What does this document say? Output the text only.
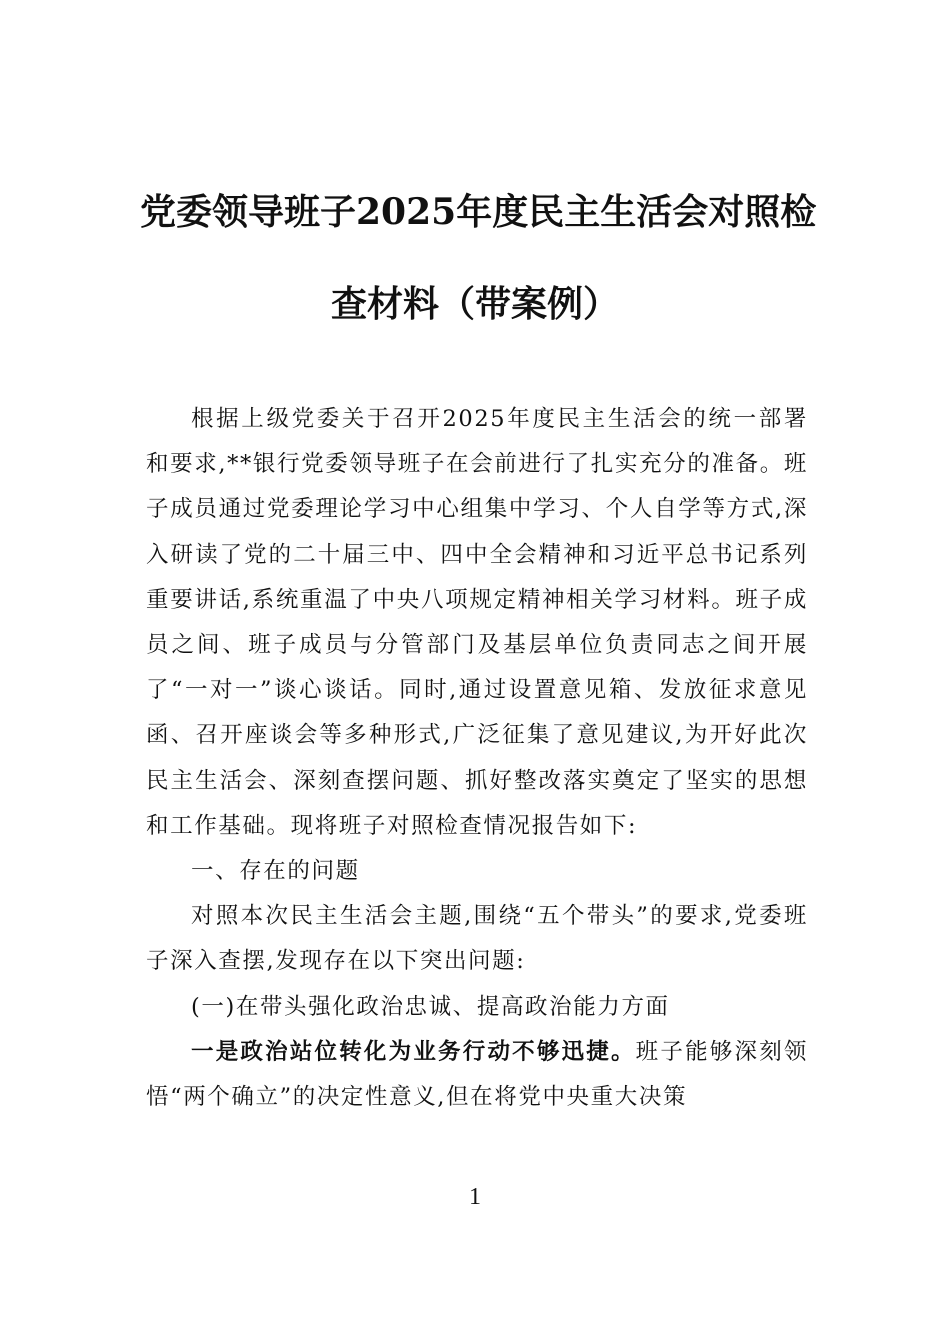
党委领导班子2025年度民主生活会对照检
查材料（带案例）

根据上级党委关于召开2025年度民主生活会的统一部署和要求,**银行党委领导班子在会前进行了扎实充分的准备。班子成员通过党委理论学习中心组集中学习、个人自学等方式,深入研读了党的二十届三中、四中全会精神和习近平总书记系列重要讲话,系统重温了中央八项规定精神相关学习材料。班子成员之间、班子成员与分管部门及基层单位负责同志之间开展了“一对一”谈心谈话。同时,通过设置意见箱、发放征求意见函、召开座谈会等多种形式,广泛征集了意见建议,为开好此次民主生活会、深刻查摆问题、抓好整改落实奠定了坚实的思想和工作基础。现将班子对照检查情况报告如下:

一、存在的问题

对照本次民主生活会主题,围绕“五个带头”的要求,党委班子深入查摆,发现存在以下突出问题:

(一)在带头强化政治忠诚、提高政治能力方面

一是政治站位转化为业务行动不够迅捷。班子能够深刻领悟“两个确立”的决定性意义,但在将党中央重大决策

1
